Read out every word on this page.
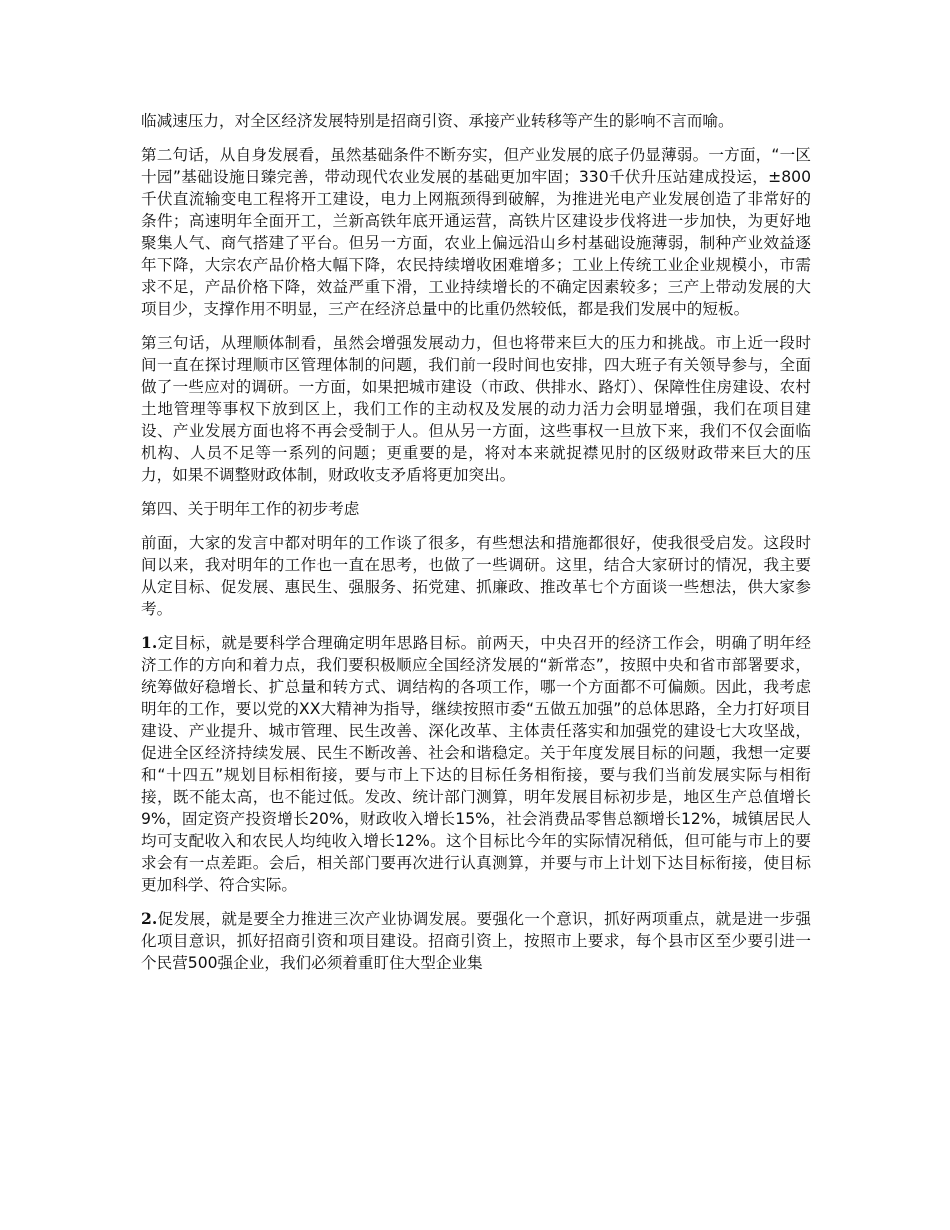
临减速压力，对全区经济发展特别是招商引资、承接产业转移等产生的影响不言而喻。

第二句话，从自身发展看，虽然基础条件不断夯实，但产业发展的底子仍显薄弱。一方面，“一区十园”基础设施日臻完善，带动现代农业发展的基础更加牢固；330千伏升压站建成投运，±800千伏直流输变电工程将开工建设，电力上网瓶颈得到破解，为推进光电产业发展创造了非常好的条件；高速明年全面开工，兰新高铁年底开通运营，高铁片区建设步伐将进一步加快，为更好地聚集人气、商气搭建了平台。但另一方面，农业上偏远沿山乡村基础设施薄弱，制种产业效益逐年下降，大宗农产品价格大幅下降，农民持续增收困难增多；工业上传统工业企业规模小，市需求不足，产品价格下降，效益严重下滑，工业持续增长的不确定因素较多；三产上带动发展的大项目少，支撑作用不明显，三产在经济总量中的比重仍然较低，都是我们发展中的短板。

第三句话，从理顺体制看，虽然会增强发展动力，但也将带来巨大的压力和挑战。市上近一段时间一直在探讨理顺市区管理体制的问题，我们前一段时间也安排，四大班子有关领导参与，全面做了一些应对的调研。一方面，如果把城市建设（市政、供排水、路灯）、保障性住房建设、农村土地管理等事权下放到区上，我们工作的主动权及发展的动力活力会明显增强，我们在项目建设、产业发展方面也将不再会受制于人。但从另一方面，这些事权一旦放下来，我们不仅会面临机构、人员不足等一系列的问题；更重要的是，将对本来就捉襟见肘的区级财政带来巨大的压力，如果不调整财政体制，财政收支矛盾将更加突出。

第四、关于明年工作的初步考虑

前面，大家的发言中都对明年的工作谈了很多，有些想法和措施都很好，使我很受启发。这段时间以来，我对明年的工作也一直在思考，也做了一些调研。这里，结合大家研讨的情况，我主要从定目标、促发展、惠民生、强服务、拓党建、抓廉政、推改革七个方面谈一些想法，供大家参考。

1.定目标，就是要科学合理确定明年思路目标。前两天，中央召开的经济工作会，明确了明年经济工作的方向和着力点，我们要积极顺应全国经济发展的“新常态”，按照中央和省市部署要求，统筹做好稳增长、扩总量和转方式、调结构的各项工作，哪一个方面都不可偏颇。因此，我考虑明年的工作，要以党的XX大精神为指导，继续按照市委“五做五加强”的总体思路，全力打好项目建设、产业提升、城市管理、民生改善、深化改革、主体责任落实和加强党的建设七大攻坚战，促进全区经济持续发展、民生不断改善、社会和谐稳定。关于年度发展目标的问题，我想一定要和“十四五”规划目标相衔接，要与市上下达的目标任务相衔接，要与我们当前发展实际与相衔接，既不能太高，也不能过低。发改、统计部门测算，明年发展目标初步是，地区生产总值增长9%，固定资产投资增长20%，财政收入增长15%，社会消费品零售总额增长12%，城镇居民人均可支配收入和农民人均纯收入增长12%。这个目标比今年的实际情况稍低，但可能与市上的要求会有一点差距。会后，相关部门要再次进行认真测算，并要与市上计划下达目标衔接，使目标更加科学、符合实际。

2.促发展，就是要全力推进三次产业协调发展。要强化一个意识，抓好两项重点，就是进一步强化项目意识，抓好招商引资和项目建设。招商引资上，按照市上要求，每个县市区至少要引进一个民营500强企业，我们必须着重盯住大型企业集
